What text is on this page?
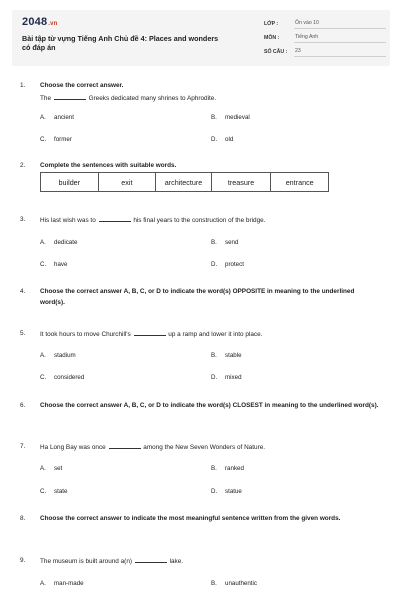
2048.vn
Bài tập từ vựng Tiếng Anh Chủ đề 4: Places and wonders
có đáp án
LỚP :	Ôn vào 10
MÔN :	Tiếng Anh
SỐ CÂU : 23
1.	Choose the correct answer.
The	Greeks dedicated many shrines to Aphrodite.
A. ancient	B. medieval
C. former	D. old
2.	Complete the sentences with suitable words.
builder	exit	architecture	treasure	entrance
3.	His last wish was to	his final years to the construction of the bridge.
A. dedicate	B. send
C. have	D. protect
4.	Choose the correct answer A, B, C, or D to indicate the word(s) OPPOSITE in meaning to the underlined word(s).
5.	It took hours to move Churchill's	up a ramp and lower it into place.
A. stadium	B. stable
C. considered	D. mixed
6.	Choose the correct answer A, B, C, or D to indicate the word(s) CLOSEST in meaning to the underlined word(s).
7.	Ha Long Bay was once	among the New Seven Wonders of Nature.
A. set	B. ranked
C. state	D. statue
8.	Choose the correct answer to indicate the most meaningful sentence written from the given words.
9.	The museum is built around a(n)	lake.
A. man-made	B. unauthentic
